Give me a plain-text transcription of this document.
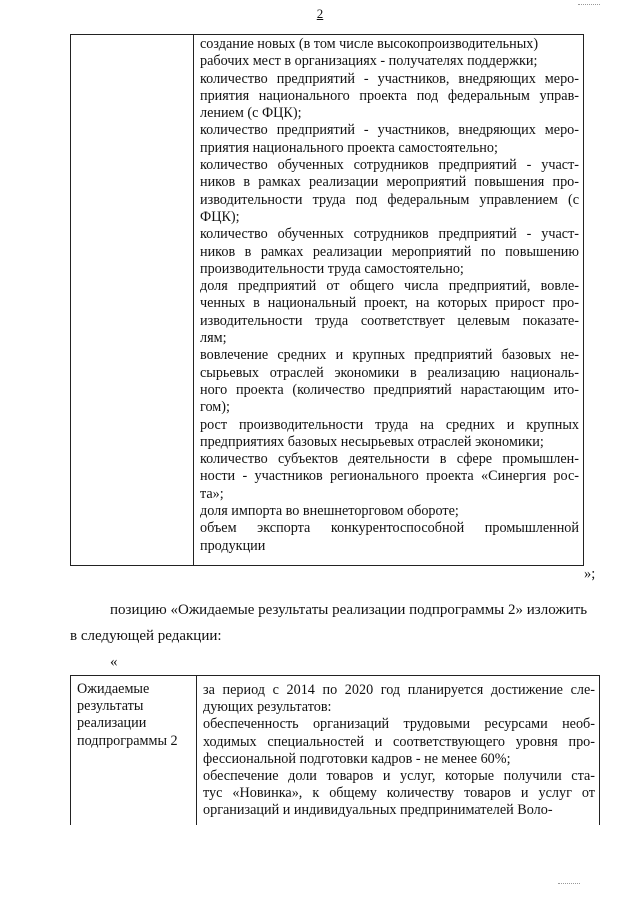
2

создание новых (в том числе высокопроизводительных)

рабочих мест в организациях - получателях поддержки;

количество предприятий - участников, внедряющих меро-

приятия национального проекта под федеральным управ-

лением (с ФЦК);

количество предприятий - участников, внедряющих меро-

приятия национального проекта самостоятельно;

количество обученных сотрудников предприятий - участ-

ников в рамках реализации мероприятий повышения про-

изводительности труда под федеральным управлением (с

ФЦК);

количество обученных сотрудников предприятий - участ-

ников в рамках реализации мероприятий по повышению

производительности труда самостоятельно;

доля предприятий от общего числа предприятий, вовле-

ченных в национальный проект, на которых прирост про-

изводительности труда соответствует целевым показате-

лям;

вовлечение средних и крупных предприятий базовых не-

сырьевых отраслей экономики в реализацию националь-

ного проекта (количество предприятий нарастающим ито-

гом);

рост производительности труда на средних и крупных

предприятиях базовых несырьевых отраслей экономики;

количество субъектов деятельности в сфере промышлен-

ности - участников регионального проекта «Синергия рос-

та»;

доля импорта во внешнеторговом обороте;

объем экспорта конкурентоспособной промышленной

продукции

»;
позицию «Ожидаемые результаты реализации подпрограммы 2» изложить
в следующей редакции:
«
Ожидаемые
результаты
реализации
подпрограммы 2

за период с 2014 по 2020 год планируется достижение сле-

дующих результатов:

обеспеченность организаций трудовыми ресурсами необ-

ходимых специальностей и соответствующего уровня про-

фессиональной подготовки кадров - не менее 60%;

обеспечение доли товаров и услуг, которые получили ста-

тус «Новинка», к общему количеству товаров и услуг от

организаций и индивидуальных предпринимателей Воло-
